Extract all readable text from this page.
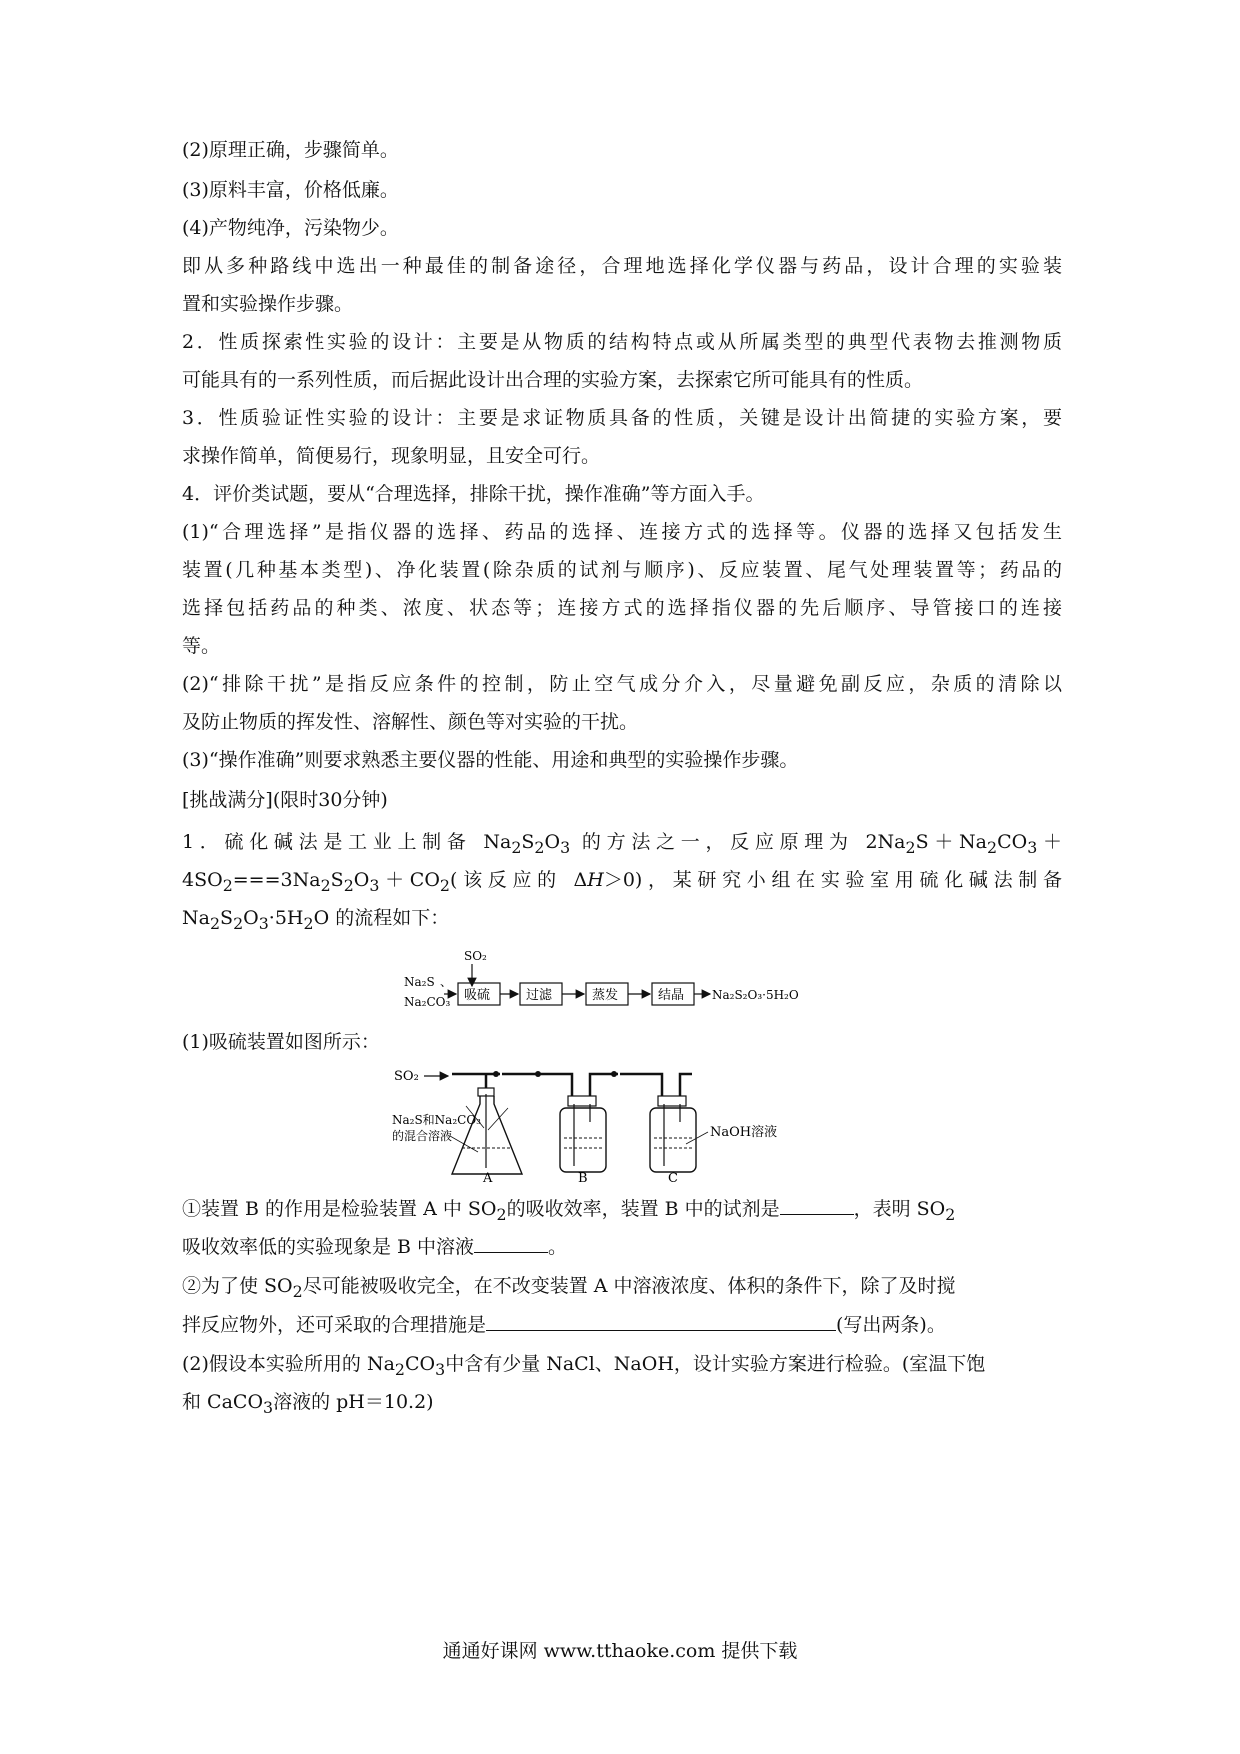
(2)原理正确，步骤简单。
(3)原料丰富，价格低廉。
(4)产物纯净，污染物少。
即从多种路线中选出一种最佳的制备途径，合理地选择化学仪器与药品，设计合理的实验装
置和实验操作步骤。
2．性质探索性实验的设计：主要是从物质的结构特点或从所属类型的典型代表物去推测物质
可能具有的一系列性质，而后据此设计出合理的实验方案，去探索它所可能具有的性质。
3．性质验证性实验的设计：主要是求证物质具备的性质，关键是设计出简捷的实验方案，要
求操作简单，简便易行，现象明显，且安全可行。
4．评价类试题，要从“合理选择，排除干扰，操作准确”等方面入手。
(1)“合理选择”是指仪器的选择、药品的选择、连接方式的选择等。仪器的选择又包括发生
装置(几种基本类型)、净化装置(除杂质的试剂与顺序)、反应装置、尾气处理装置等；药品的
选择包括药品的种类、浓度、状态等；连接方式的选择指仪器的先后顺序、导管接口的连接
等。
(2)“排除干扰”是指反应条件的控制，防止空气成分介入，尽量避免副反应，杂质的清除以
及防止物质的挥发性、溶解性、颜色等对实验的干扰。
(3)“操作准确”则要求熟悉主要仪器的性能、用途和典型的实验操作步骤。
[挑战满分](限时30分钟)
1．硫化碱法是工业上制备 $Na_2S_2O_3$ 的方法之一，反应原理为 $2Na_2S+Na_2CO_3+$
$4SO_2===3Na_2S_2O_3+CO_2$(该反应的 ΔH＞0)，某研究小组在实验室用硫化碱法制备
$Na_2S_2O_3\cdot 5H_2O$ 的流程如下：
SO₂
Na₂S 、
Na₂CO₃ 吸硫	过滤	蒸发	结晶 Na₂S₂O₃·5H₂O
(1)吸硫装置如图所示：
SO₂
Na₂S和Na₂CO₃
的混合溶液	NaOH溶液
A	B	C
①装置 B 的作用是检验装置 A 中 $SO_2$的吸收效率，装置 B 中的试剂是	，表明 $SO_2$
吸收效率低的实验现象是 B 中溶液	。
②为了使 $SO_2$尽可能被吸收完全，在不改变装置 A 中溶液浓度、体积的条件下，除了及时搅
拌反应物外，还可采取的合理措施是	(写出两条)。
(2)假设本实验所用的 $Na_2CO_3$中含有少量 NaCl、NaOH，设计实验方案进行检验。(室温下饱
和 CaCO$_3$溶液的 pH＝10.2)
通通好课网 www.tthaoke.com 提供下载
